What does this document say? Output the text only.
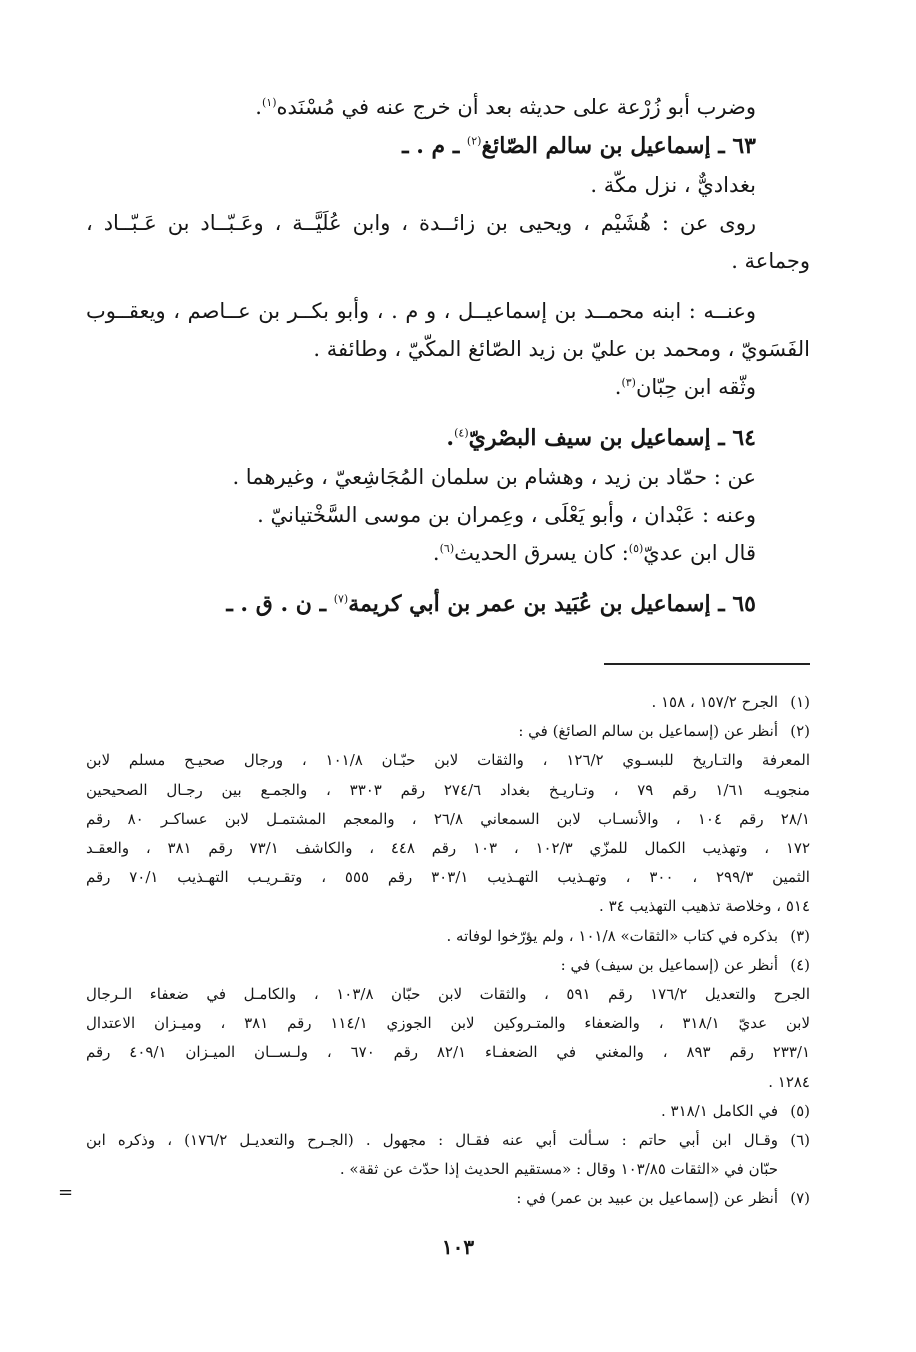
وضرب أبو زُرْعة على حديثه بعد أن خرج عنه في مُسْنَده$^{(١)}$.
٦٣ ـ إسماعيل بن سالم الصّائغ$^{(٢)}$ ـ م . ـ
بغداديٌّ ، نزل مكّة .
روى عن : هُشَيْم ، ويحيى بن زائــدة ، وابن عُلَيَّــة ، وعَـبّــاد بن عَـبّــاد ،
وجماعة .
وعنــه : ابنه محمــد بن إسماعيــل ، و م . ، وأبو بكــر بن عــاصم ، ويعقــوب
الفَسَويّ ، ومحمد بن عليّ بن زيد الصّائغ المكّيّ ، وطائفة .
وثّقه ابن حِبّان$^{(٣)}$.
٦٤ ـ إسماعيل بن سيف البصْريّ$^{(٤)}$.
عن : حمّاد بن زيد ، وهشام بن سلمان المُجَاشِعيّ ، وغيرهما .
وعنه : عَبْدان ، وأبو يَعْلَى ، وعِمران بن موسى السَّخْتيانيّ .
قال ابن عديّ$^{(٥)}$: كان يسرق الحديث$^{(٦)}$.
٦٥ ـ إسماعيل بن عُبَيد بن عمر بن أبي كريمة$^{(٧)}$ ـ ن . ق . ـ
(١)
الجرح ١٥٧/٢ ، ١٥٨ .
(٢)
أنظر عن (إسماعيل بن سالم الصائغ) في :
المعرفة والتـاريخ للبسـوي ١٢٦/٢ ، والثقات لابن حبّـان ١٠١/٨ ، ورجال صحيـح مسلم لابن
منجويـه ١/٦١ رقم ٧٩ ، وتـاريـخ بغداد ٢٧٤/٦ رقم ٣٣٠٣ ، والجمـع بين رجـال الصحيحين
٢٨/١ رقم ١٠٤ ، والأنسـاب لابن السمعاني ٢٦/٨ ، والمعجم المشتمـل لابن عساكـر ٨٠ رقم
١٧٢ ، وتهذيب الكمال للمزّي ١٠٢/٣ ، ١٠٣ رقم ٤٤٨ ، والكاشف ٧٣/١ رقم ٣٨١ ، والعقـد
الثمين ٢٩٩/٣ ، ٣٠٠ ، وتهـذيب التهـذيب ٣٠٣/١ رقم ٥٥٥ ، وتقـريـب التهـذيب ٧٠/١ رقم
٥١٤ ، وخلاصة تذهيب التهذيب ٣٤ .
(٣)
بذكره في كتاب «الثقات» ١٠١/٨ ، ولم يؤرّخوا لوفاته .
(٤)
أنظر عن (إسماعيل بن سيف) في :
الجرح والتعديل ١٧٦/٢ رقم ٥٩١ ، والثقات لابن حبّان ١٠٣/٨ ، والكامـل في ضعفاء الـرجال
لابن عديّ ٣١٨/١ ، والضعفاء والمتـروكين لابن الجوزي ١١٤/١ رقم ٣٨١ ، وميـزان الاعتدال
٢٣٣/١ رقم ٨٩٣ ، والمغني في الضعفـاء ٨٢/١ رقم ٦٧٠ ، ولـســان الميـزان ٤٠٩/١ رقم
١٢٨٤ .
(٥)
في الكامل ٣١٨/١ .
(٦)
وقـال ابن أبي حاتم : سـألت أبي عنه فقـال : مجهول . (الجـرح والتعديـل ١٧٦/٢) ، وذكره ابن
حبّان في «الثقات ١٠٣/٨٥ وقال : «مستقيم الحديث إذا حدّث عن ثقة» .
(٧)
أنظر عن (إسماعيل بن عبيد بن عمر) في :
=
١٠٣
